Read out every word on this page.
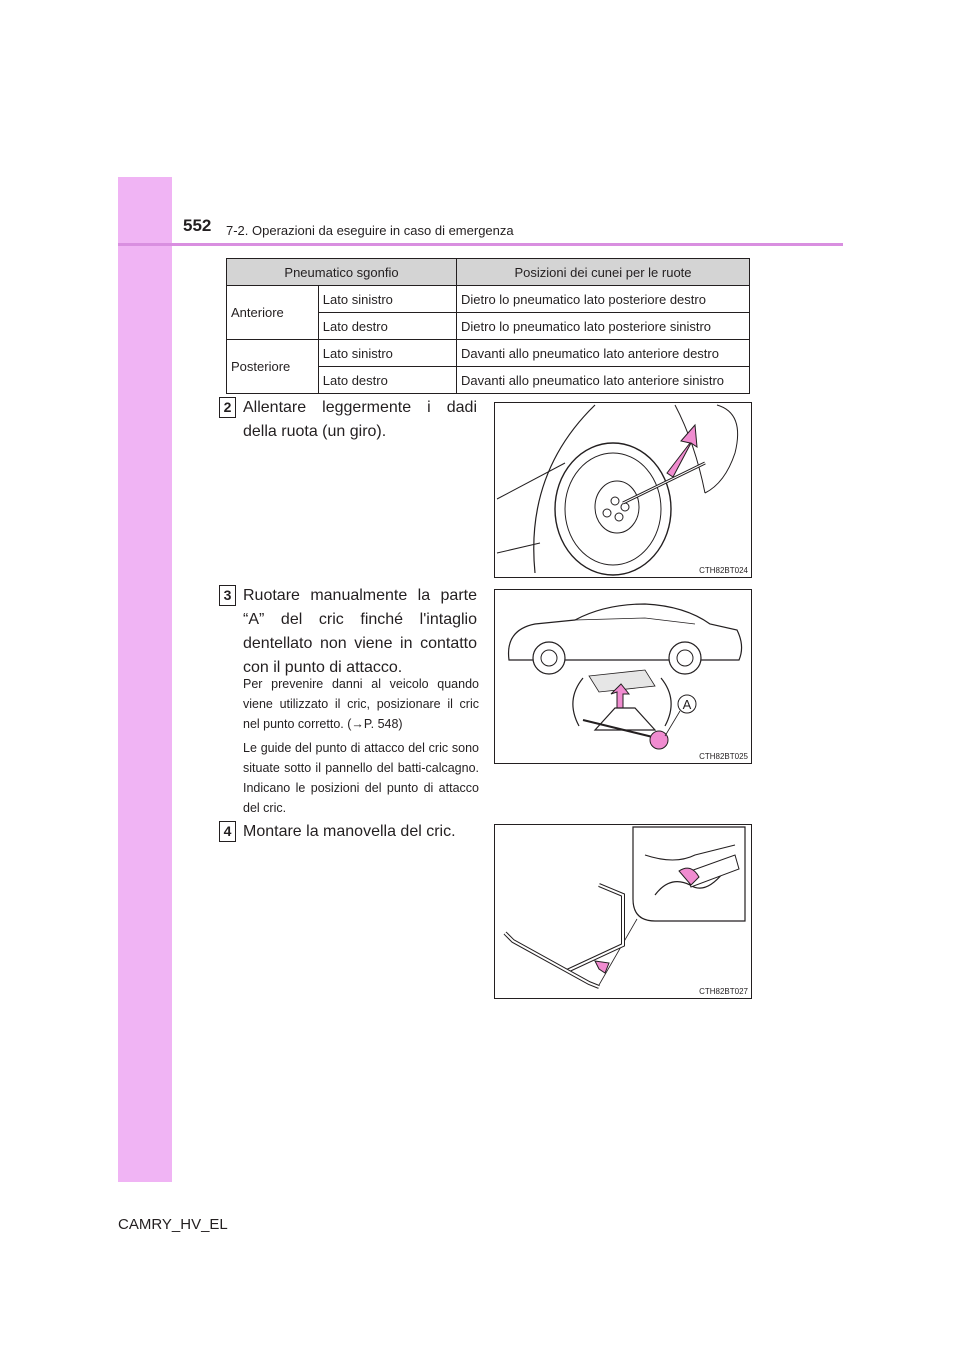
552 7-2. Operazioni da eseguire in caso di emergenza
Pneumatico sgonfio		Posizioni dei cunei per le ruote
Anteriore	Lato sinistro	Dietro lo pneumatico lato posteriore destro
	Lato destro	Dietro lo pneumatico lato posteriore sinistro
Posteriore	Lato sinistro	Davanti allo pneumatico lato anteriore destro
	Lato destro	Davanti allo pneumatico lato anteriore sinistro
2 Allentare leggermente i dadi della ruota (un giro).
CTH82BT024
3 Ruotare manualmente la parte “A” del cric finché l'intaglio dentellato non viene in contatto con il punto di attacco.
Per prevenire danni al veicolo quando viene utilizzato il cric, posizionare il cric nel punto corretto. (→P. 548)
Le guide del punto di attacco del cric sono situate sotto il pannello del batti-calcagno. Indicano le posizioni del punto di attacco del cric.
A
CTH82BT025
4 Montare la manovella del cric.
CTH82BT027
CAMRY_HV_EL
